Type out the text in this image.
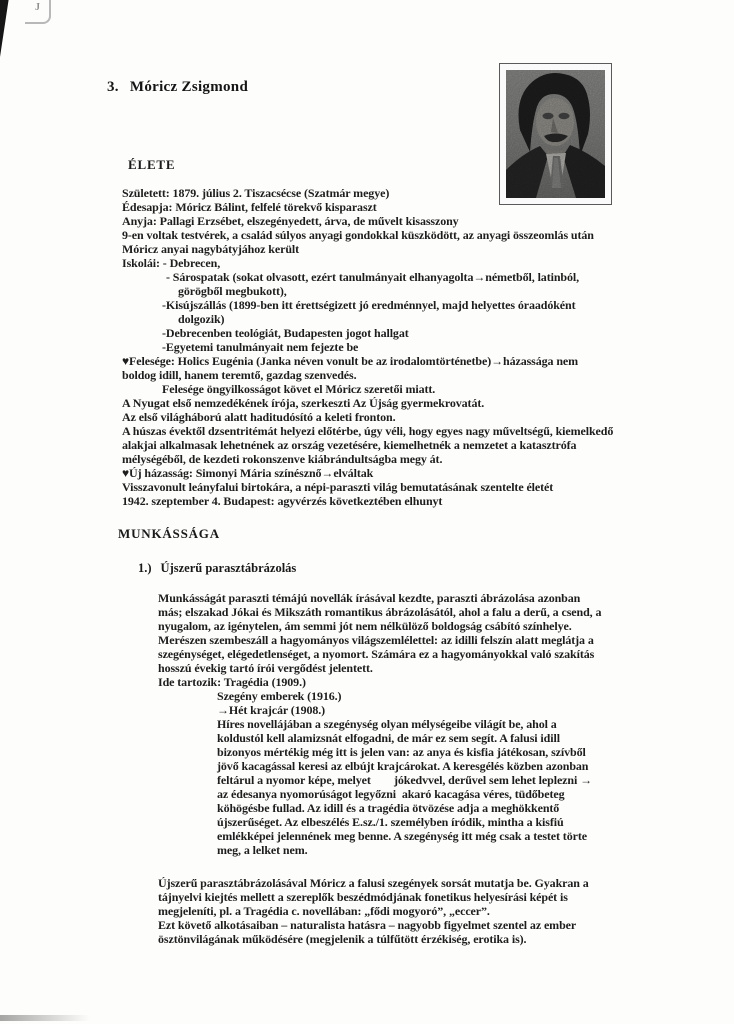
J
3. Móricz Zsigmond
ÉLETE
Született: 1879. július 2. Tiszacsécse (Szatmár megye)
Édesapja: Móricz Bálint, felfelé törekvő kisparaszt
Anyja: Pallagi Erzsébet, elszegényedett, árva, de művelt kisasszony
9-en voltak testvérek, a család súlyos anyagi gondokkal küszködött, az anyagi összeomlás után
Móricz anyai nagybátyjához került
Iskolái: - Debrecen,
- Sárospatak (sokat olvasott, ezért tanulmányait elhanyagolta→németből, latinból,
görögből megbukott),
-Kisújszállás (1899-ben itt érettségizett jó eredménnyel, majd helyettes óraadóként
dolgozik)
-Debrecenben teológiát, Budapesten jogot hallgat
-Egyetemi tanulmányait nem fejezte be
♥Felesége: Holics Eugénia (Janka néven vonult be az irodalomtörténetbe)→házassága nem
boldog idill, hanem teremtő, gazdag szenvedés.
Felesége öngyilkosságot követ el Móricz szeretői miatt.
A Nyugat első nemzedékének írója, szerkeszti Az Újság gyermekrovatát.
Az első világháború alatt haditudósító a keleti fronton.
A húszas évektől dzsentritémát helyezi előtérbe, úgy véli, hogy egyes nagy műveltségű, kiemelkedő
alakjai alkalmasak lehetnének az ország vezetésére, kiemelhetnék a nemzetet a katasztrófa
mélységéből, de kezdeti rokonszenve kiábrándultságba megy át.
♥Új házasság: Simonyi Mária színésznő→elváltak
Visszavonult leányfalui birtokára, a népi-paraszti világ bemutatásának szentelte életét
1942. szeptember 4. Budapest: agyvérzés következtében elhunyt
MUNKÁSSÁGA
1.) Újszerű parasztábrázolás
Munkásságát paraszti témájú novellák írásával kezdte, paraszti ábrázolása azonban
más; elszakad Jókai és Mikszáth romantikus ábrázolásától, ahol a falu a derű, a csend, a
nyugalom, az igénytelen, ám semmi jót nem nélkülöző boldogság csábító színhelye.
Merészen szembeszáll a hagyományos világszemlélettel: az idilli felszín alatt meglátja a
szegénységet, elégedetlenséget, a nyomort. Számára ez a hagyományokkal való szakítás
hosszú évekig tartó írói vergődést jelentett.
Ide tartozik: Tragédia (1909.)
Szegény emberek (1916.)
→Hét krajcár (1908.)
Híres novellájában a szegénység olyan mélységeibe világít be, ahol a
koldustól kell alamizsnát elfogadni, de már ez sem segít. A falusi idill
bizonyos mértékig még itt is jelen van: az anya és kisfia játékosan, szívből
jövő kacagással keresi az elbújt krajcárokat. A keresgélés közben azonban
feltárul a nyomor képe, melyet        jókedvvel, derűvel sem lehet leplezni →
az édesanya nyomorúságot legyőzni  akaró kacagása véres, tüdőbeteg
köhögésbe fullad. Az idill és a tragédia ötvözése adja a meghökkentő
újszerűséget. Az elbeszélés E.sz./1. személyben íródik, mintha a kisfiú
emlékképei jelennének meg benne. A szegénység itt még csak a testet törte
meg, a lelket nem.
Újszerű parasztábrázolásával Móricz a falusi szegények sorsát mutatja be. Gyakran a
tájnyelvi kiejtés mellett a szereplők beszédmódjának fonetikus helyesírási képét is
megjeleníti, pl. a Tragédia c. novellában: „fődi mogyoró”, „eccer”.
Ezt követő alkotásaiban – naturalista hatásra – nagyobb figyelmet szentel az ember
ösztönvilágának működésére (megjelenik a túlfűtött érzékiség, erotika is).
